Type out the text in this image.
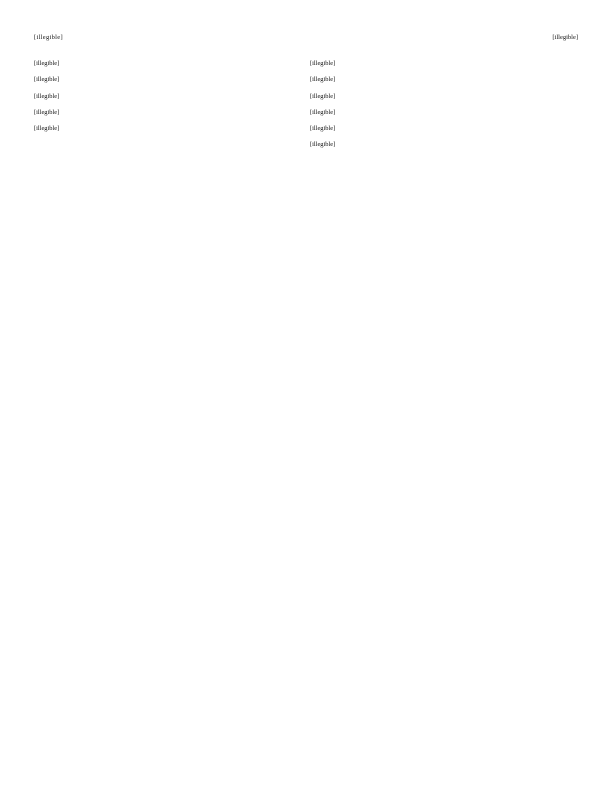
[illegible]	[illegible]

[illegible]

[illegible]

[illegible]

[illegible]

[illegible]

[illegible]

[illegible]

[illegible]

[illegible]

[illegible]

[illegible]
